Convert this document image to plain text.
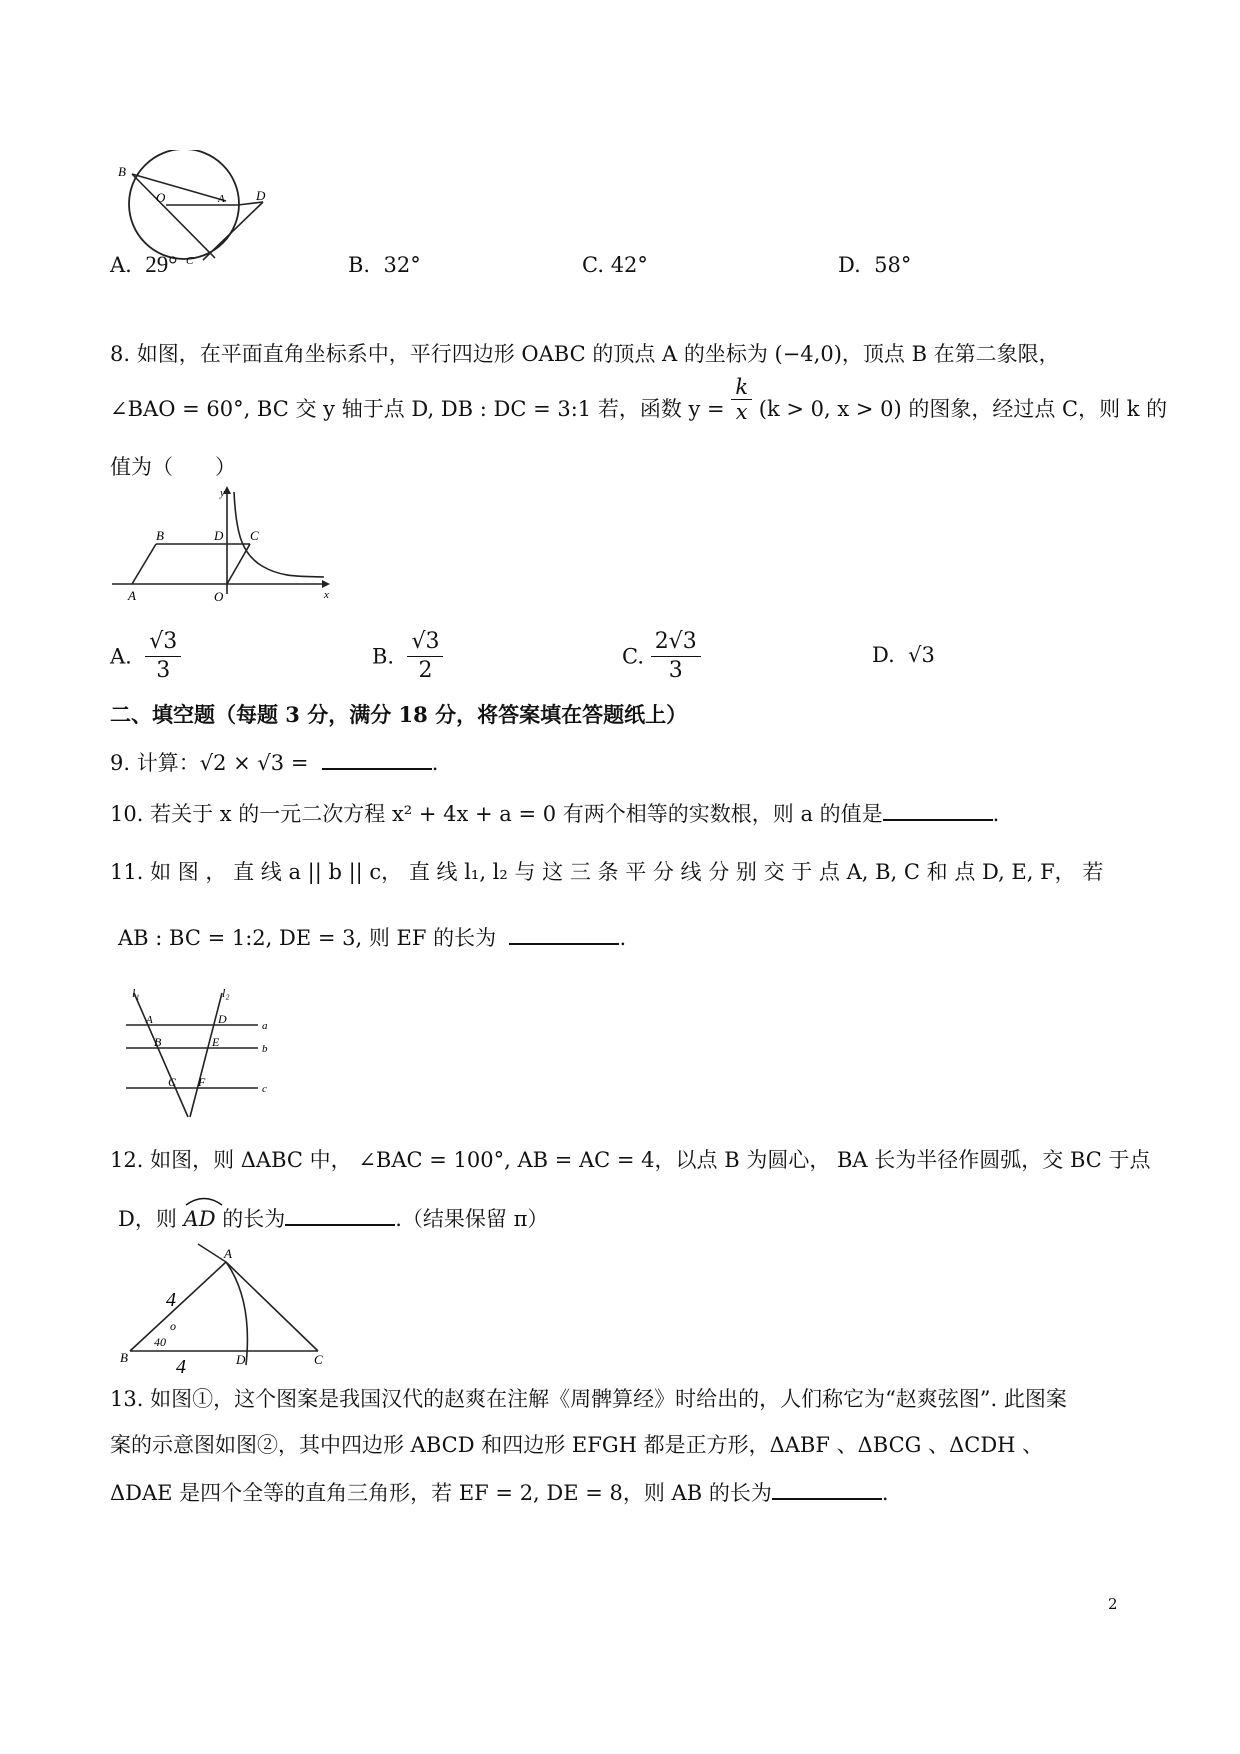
B
O	A D
C
A. 29°	B. 32°	C. 42°	D. 58°
8. 如图，在平面直角坐标系中，平行四边形 OABC 的顶点 A 的坐标为 (−4,0)，顶点 B 在第二象限，
∠BAO = 60°, BC 交 y 轴于点 D, DB : DC = 3:1 若，函数 $y = \frac{k}{x} (k > 0$, x > 0) 的图象，经过点 C，则 k 的
值为（　　）
y
B	D C
A	O	x
A. $\frac{√3}{3}$	B. $\frac{√3}{2}$	C. $\frac{2√3}{3}$	D. √3
二、填空题（每题 3 分，满分 18 分，将答案填在答题纸上）
9. 计算：√2 × √3 =	.
10. 若关于 x 的一元二次方程 x² + 4x + a = 0 有两个相等的实数根，则 a 的值是	.
11. 如 图 ， 直 线 a || b || c， 直 线 l₁, l₂ 与 这 三 条 平 分 线 分 别 交 于 点 A, B, C 和 点 D, E, F， 若
AB : BC = 1:2, DE = 3, 则 EF 的长为	.
l₁	l₂
A	D	a
B	E	b
C F	c
12. 如图，则 ΔABC 中， ∠BAC = 100°, AB = AC = 4，以点 B 为圆心， BA 长为半径作圆弧，交 BC 于点
D，则 AD 的长为	.（结果保留 π）
A
B	D	C
4
4
o
40
13. 如图①，这个图案是我国汉代的赵爽在注解《周髀算经》时给出的，人们称它为“赵爽弦图”. 此图案
案的示意图如图②，其中四边形 ABCD 和四边形 EFGH 都是正方形，ΔABF 、ΔBCG 、ΔCDH 、
ΔDAE 是四个全等的直角三角形，若 EF = 2, DE = 8，则 AB 的长为	.
2
